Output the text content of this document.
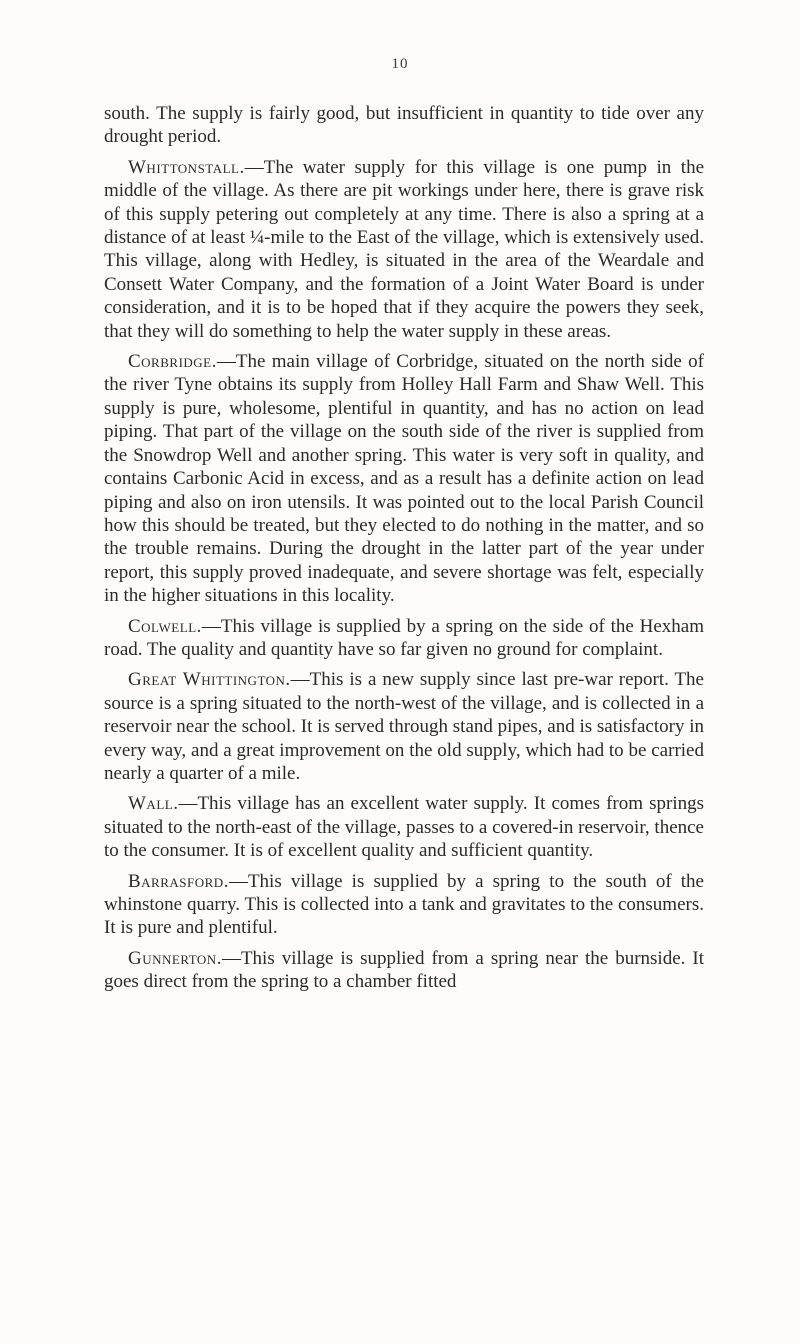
10

south. The supply is fairly good, but insufficient in quantity to tide over any drought period.

Whittonstall.—The water supply for this village is one pump in the middle of the village. As there are pit workings under here, there is grave risk of this supply petering out completely at any time. There is also a spring at a distance of at least ¼-mile to the East of the village, which is extensively used. This village, along with Hedley, is situated in the area of the Weardale and Consett Water Company, and the formation of a Joint Water Board is under consideration, and it is to be hoped that if they acquire the powers they seek, that they will do something to help the water supply in these areas.

Corbridge.—The main village of Corbridge, situated on the north side of the river Tyne obtains its supply from Holley Hall Farm and Shaw Well. This supply is pure, wholesome, plentiful in quantity, and has no action on lead piping. That part of the village on the south side of the river is supplied from the Snowdrop Well and another spring. This water is very soft in quality, and contains Carbonic Acid in excess, and as a result has a definite action on lead piping and also on iron utensils. It was pointed out to the local Parish Council how this should be treated, but they elected to do nothing in the matter, and so the trouble remains. During the drought in the latter part of the year under report, this supply proved inadequate, and severe shortage was felt, especially in the higher situations in this locality.

Colwell.—This village is supplied by a spring on the side of the Hexham road. The quality and quantity have so far given no ground for complaint.

Great Whittington.—This is a new supply since last pre-war report. The source is a spring situated to the north-west of the village, and is collected in a reservoir near the school. It is served through stand pipes, and is satisfactory in every way, and a great improvement on the old supply, which had to be carried nearly a quarter of a mile.

Wall.—This village has an excellent water supply. It comes from springs situated to the north-east of the village, passes to a covered-in reservoir, thence to the consumer. It is of excellent quality and sufficient quantity.

Barrasford.—This village is supplied by a spring to the south of the whinstone quarry. This is collected into a tank and gravitates to the consumers. It is pure and plentiful.

Gunnerton.—This village is supplied from a spring near the burnside. It goes direct from the spring to a chamber fitted
